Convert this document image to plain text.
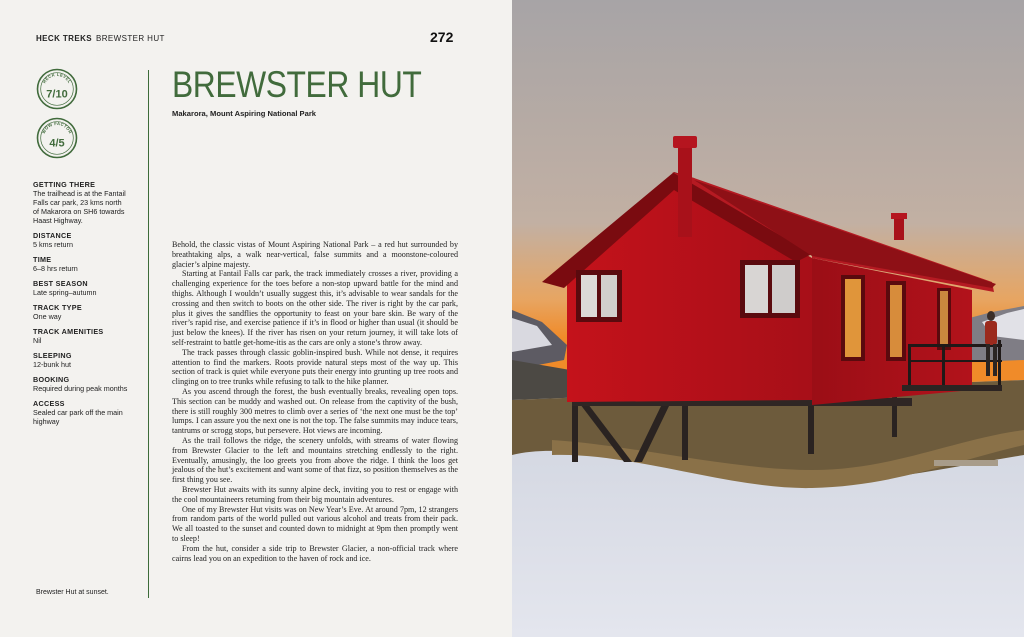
HECK TREKS BREWSTER HUT	272
HECK LEVEL
7/10
WOW FACTOR
4/5
GETTING THERE
The trailhead is at the Fantail Falls car park, 23 kms north of Makarora on SH6 towards Haast Highway.
DISTANCE
5 kms return
TIME
6–8 hrs return
BEST SEASON
Late spring–autumn
TRACK TYPE
One way
TRACK AMENITIES
Nil
SLEEPING
12-bunk hut
BOOKING
Required during peak months
ACCESS
Sealed car park off the main highway
BREWSTER HUT
Makarora, Mount Aspiring National Park

Behold, the classic vistas of Mount Aspiring National Park – a red hut surrounded by breathtaking alps, a walk near-vertical, false summits and a moonstone-coloured glacier’s alpine majesty.

Starting at Fantail Falls car park, the track immediately crosses a river, providing a challenging experience for the toes before a non-stop upward battle for the mind and thighs. Although I wouldn’t usually suggest this, it’s advisable to wear sandals for the crossing and then switch to boots on the other side. The river is right by the car park, plus it gives the sandflies the opportunity to feast on your bare skin. Be wary of the river’s rapid rise, and exercise patience if it’s in flood or higher than usual (it should be just below the knees). If the river has risen on your return journey, it will take lots of self-restraint to battle get-home-itis as the cars are only a stone’s throw away.

The track passes through classic goblin-inspired bush. While not dense, it requires attention to find the markers. Roots provide natural steps most of the way up. This section of track is quiet while everyone puts their energy into grunting up tree roots and clinging on to tree trunks while refusing to talk to the hike planner.

As you ascend through the forest, the bush eventually breaks, revealing open tops. This section can be muddy and washed out. On release from the captivity of the bush, there is still roughly 300 metres to climb over a series of ‘the next one must be the top’ lumps. I can assure you the next one is not the top. The false summits may induce tears, tantrums or scrogg stops, but persevere. Hot views are incoming.

As the trail follows the ridge, the scenery unfolds, with streams of water flowing from Brewster Glacier to the left and mountains stretching endlessly to the right. Eventually, amusingly, the loo greets you from above the ridge. I think the loos get jealous of the hut’s excitement and want some of that fizz, so position themselves as the first thing you see.

Brewster Hut awaits with its sunny alpine deck, inviting you to rest or engage with the cool mountaineers returning from their big mountain adventures.

One of my Brewster Hut visits was on New Year’s Eve. At around 7pm, 12 strangers from random parts of the world pulled out various alcohol and treats from their pack. We all toasted to the sunset and counted down to midnight at 9pm then promptly went to sleep!

From the hut, consider a side trip to Brewster Glacier, a non-official track where cairns lead you on an expedition to the haven of rock and ice.

Brewster Hut at sunset.
